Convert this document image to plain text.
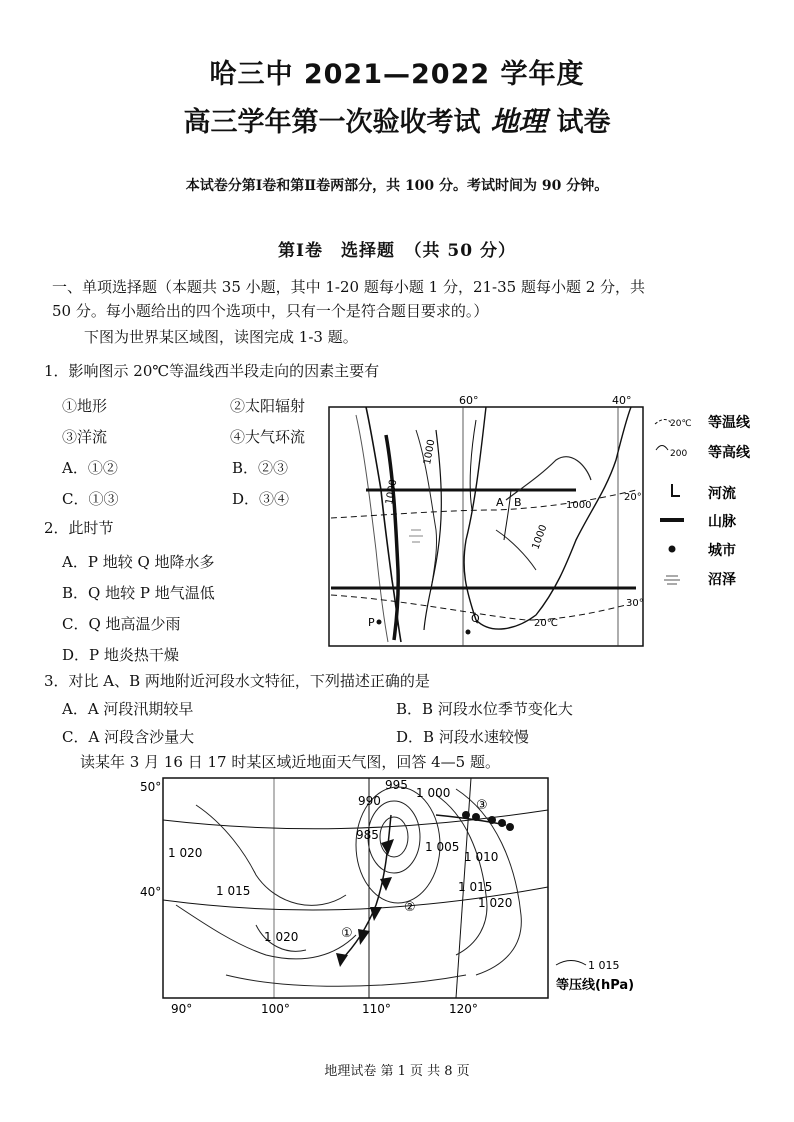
哈三中 2021—2022 学年度
高三学年第一次验收考试 地理 试卷
本试卷分第Ⅰ卷和第Ⅱ卷两部分，共 100 分。考试时间为 90 分钟。
第Ⅰ卷　选择题　（共 50 分）
一、单项选择题（本题共 35 小题，其中 1-20 题每小题 1 分，21-35 题每小题 2 分，共
50 分。每小题给出的四个选项中，只有一个是符合题目要求的。）
下图为世界某区域图，读图完成 1-3 题。
1．影响图示 20℃等温线西半段走向的因素主要有
①地形	②太阳辐射
③洋流	④大气环流
A．①②	B．②③
C．①③	D．③④
2．此时节
A．P 地较 Q 地降水多
B．Q 地较 P 地气温低
C．Q 地高温少雨
D．P 地炎热干燥
3．对比 A、B 两地附近河段水文特征，下列描述正确的是
A．A 河段汛期较早	B．B 河段水位季节变化大
C．A 河段含沙量大	D．B 河段水速较慢
读某年 3 月 16 日 17 时某区域近地面天气图，回答 4—5 题。
60°	40°
1000
1000
1000
1000
A B
P	Q	20℃
20°
30°
20℃ 等温线
200 等高线
河流
山脉
城市
沼泽
50°
40°
90°	100°	110°	120°
995
1 000
990
985
1 005
1 010
1 015
1 020
1 020
1 015
1 020	①
②
③
1 015
等压线(hPa)
地理试卷 第 1 页 共 8 页
